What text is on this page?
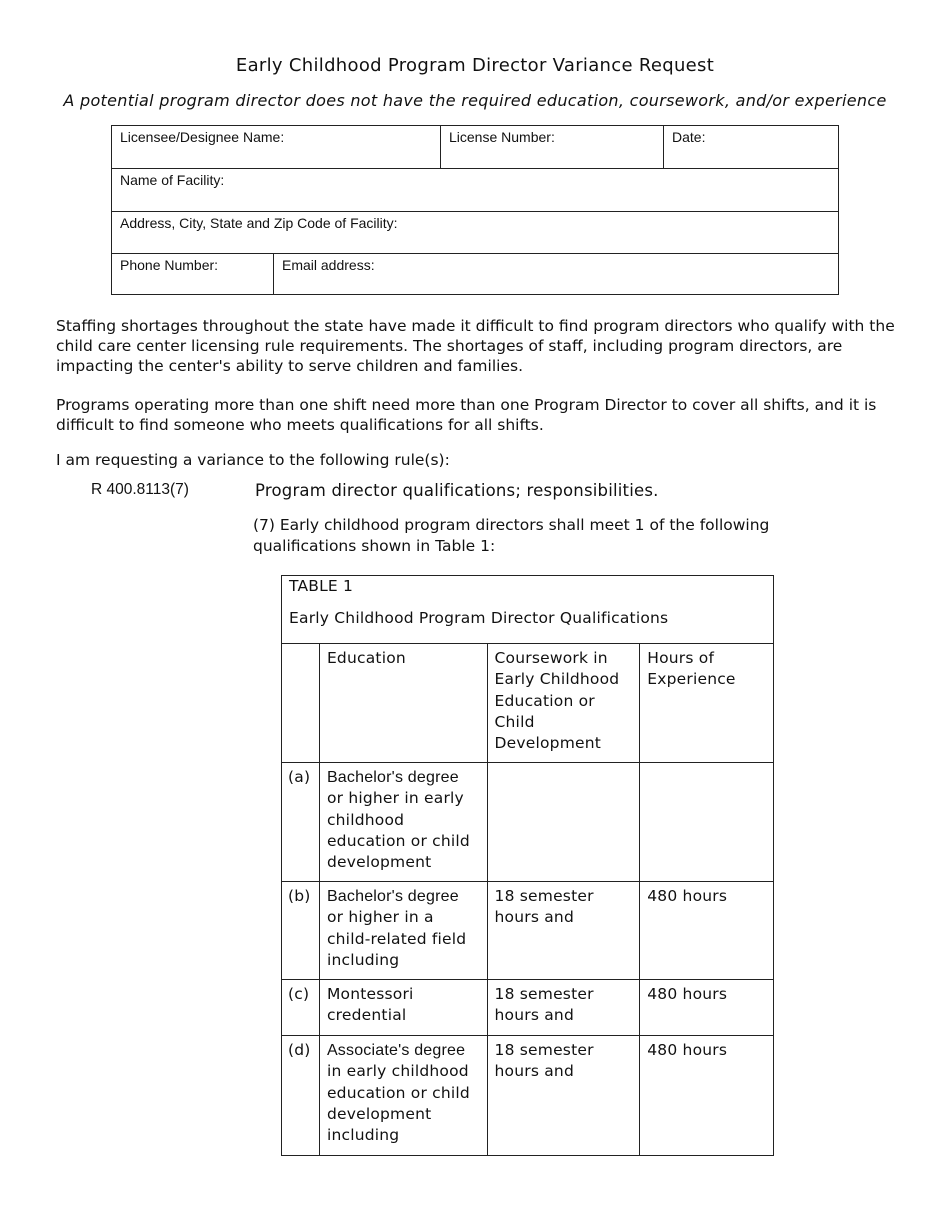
Early Childhood Program Director Variance Request
A potential program director does not have the required education, coursework, and/or experience
Licensee/Designee Name:	License Number:	Date:
Name of Facility:
Address, City, State and Zip Code of Facility:
Phone Number:	Email address:

Staffing shortages throughout the state have made it difficult to find program directors who qualify with the child care center licensing rule requirements. The shortages of staff, including program directors, are impacting the center's ability to serve children and families.

Programs operating more than one shift need more than one Program Director to cover all shifts, and it is difficult to find someone who meets qualifications for all shifts.

I am requesting a variance to the following rule(s):

R 400.8113(7)	Program director qualifications; responsibilities.

(7) Early childhood program directors shall meet 1 of the following qualifications shown in Table 1:

TABLE 1
Early Childhood Program Director Qualifications			

	Education	Coursework in Early Childhood Education or Child Development	Hours of Experience
(a)	Bachelor's degree or higher in early childhood education or child development		
(b)	Bachelor's degree or higher in a child-related field including	18 semester hours and	480 hours
(c)	Montessori credential	18 semester hours and	480 hours
(d)	Associate's degree in early childhood education or child development including	18 semester hours and	480 hours
